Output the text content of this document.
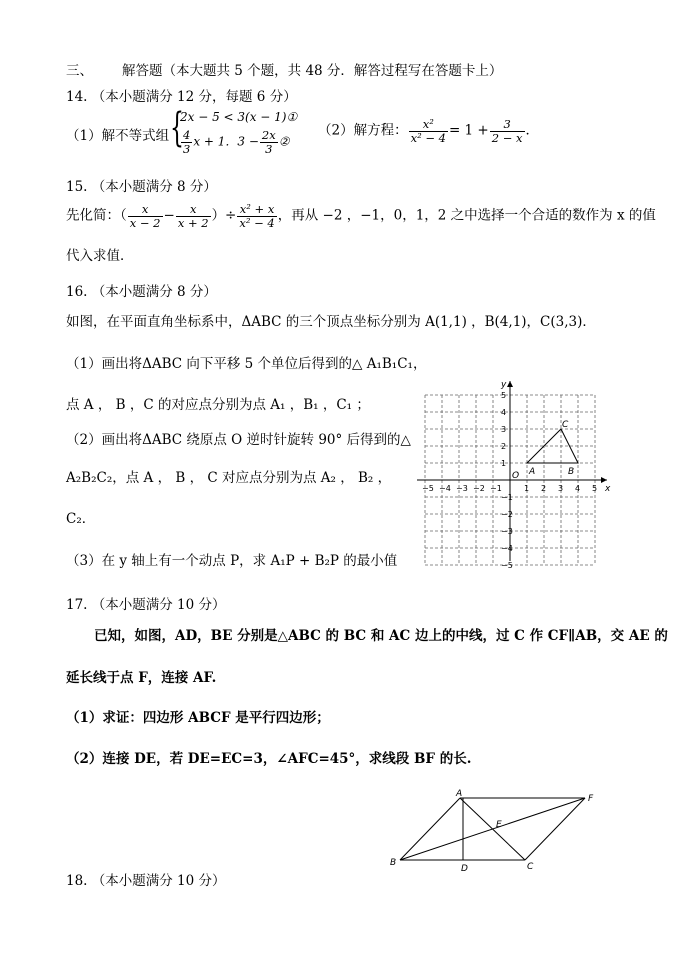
三、 解答题（本大题共 5 个题，共 48 分．解答过程写在答题卡上）
14. （本小题满分 12 分，每题 6 分）
（1）解不等式组 {
2x − 5 < 3(x − 1)①
$\frac{4}{3}$ x + 1．$3 - \frac{2x}{3}$ ②
（2）解方程： $\frac{\text{x²}}{\text{x² − 4}} = 1 + \frac{3}{2 - x}$ ．
15. （本小题满分 8 分）
先化简：（ $\frac{x}{x - 2} - \frac{x}{x + 2}$ ）÷ $\frac{\text{x² + x}}{\text{x² − 4}}$ ，再从 −2 ，−1，0，1，2 之中选择一个合适的数作为 x 的值
代入求值．
16. （本小题满分 8 分）
如图，在平面直角坐标系中，ΔABC 的三个顶点坐标分别为 A(1,1) ，B(4,1)，C(3,3)．
（1）画出将ΔABC 向下平移 5 个单位后得到的△ A₁B₁C₁，
点 A ， B ，C 的对应点分别为点 A₁ ，B₁ ，C₁ ；
（2）画出将ΔABC 绕原点 O 逆时针旋转 90° 后得到的△
A₂B₂C₂，点 A ， B ， C 对应点分别为点 A₂ ， B₂ ，
C₂．
（3）在 y 轴上有一个动点 P，求 A₁P + B₂P 的最小值
x
y
O
−5 −4 −3 −2 −1	1 2 3 4 5
5
4
3
2
1
−1
−2
−3
−4
−5
A	B
C
17. （本小题满分 10 分）
已知，如图，AD，BE 分别是△ABC 的 BC 和 AC 边上的中线，过 C 作 CF∥AB，交 AE 的
延长线于点 F，连接 AF.
（1）求证：四边形 ABCF 是平行四边形；
（2）连接 DE，若 DE=EC=3，∠AFC=45°，求线段 BF 的长.
A
B	C
D
E
F
18. （本小题满分 10 分）
